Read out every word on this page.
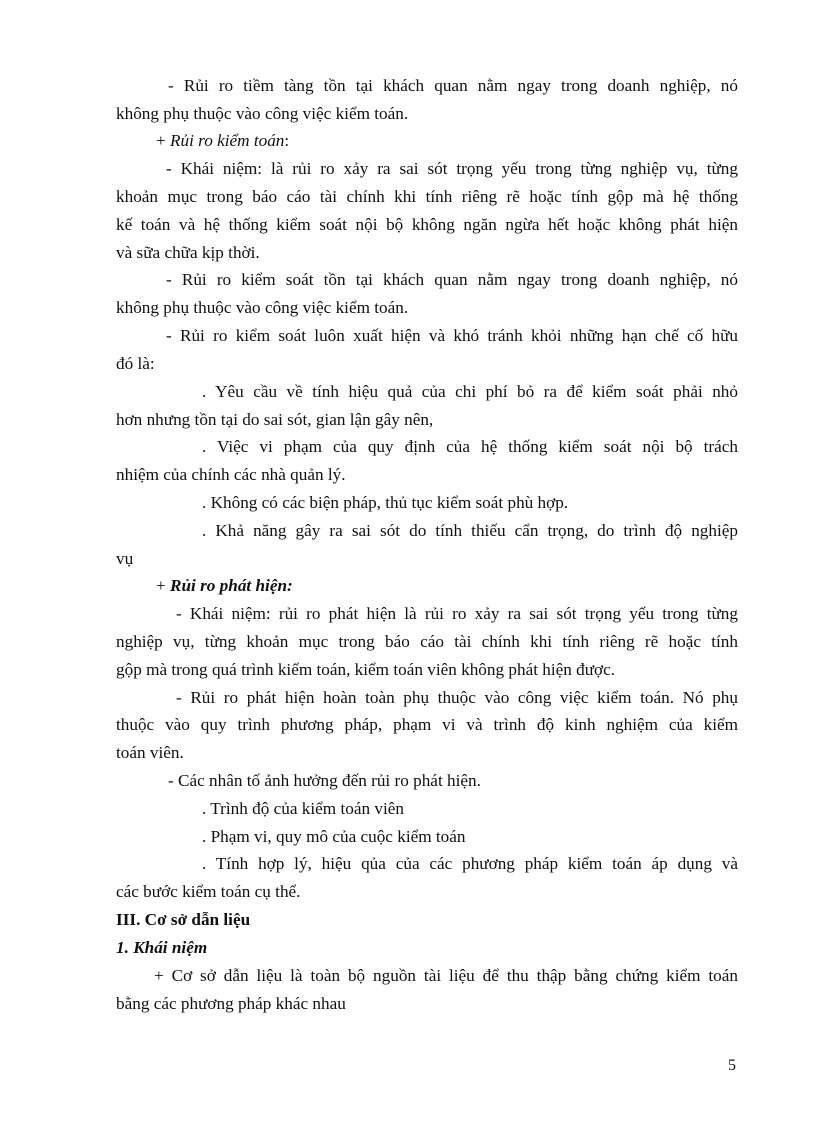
- Rủi ro tiềm tàng tồn tại khách quan nằm ngay trong doanh nghiệp, nó
không phụ thuộc vào công việc kiểm toán.
+ Rủi ro kiểm toán:
- Khái niệm: là rủi ro xảy ra sai sót trọng yếu trong từng nghiệp vụ, từng
khoản mục trong báo cáo tài chính khi tính riêng rẽ hoặc tính gộp mà hệ thống
kế toán và hệ thống kiểm soát nội bộ không ngăn ngừa hết hoặc không phát hiện
và sữa chữa kịp thời.
- Rủi ro kiểm soát tồn tại khách quan nằm ngay trong doanh nghiệp, nó
không phụ thuộc vào công việc kiểm toán.
- Rủi ro kiểm soát luôn xuất hiện và khó tránh khỏi những hạn chế cố hữu
đó là:
. Yêu cầu về tính hiệu quả của chi phí bỏ ra để kiểm soát phải nhỏ
hơn nhưng tồn tại do sai sót, gian lận gây nên,
. Việc vi phạm của quy định của hệ thống kiểm soát nội bộ trách
nhiệm của chính các nhà quản lý.
. Không có các biện pháp, thủ tục kiểm soát phù hợp.
. Khả năng gây ra sai sót do tính thiếu cẩn trọng, do trình độ nghiệp
vụ
+ Rủi ro phát hiện:
- Khái niệm: rủi ro phát hiện là rủi ro xảy ra sai sót trọng yếu trong từng
nghiệp vụ, từng khoản mục trong báo cáo tài chính khi tính riêng rẽ hoặc tính
gộp mà trong quá trình kiểm toán, kiểm toán viên không phát hiện được.
- Rủi ro phát hiện hoàn toàn phụ thuộc vào công việc kiểm toán. Nó phụ
thuộc vào quy trình phương pháp, phạm vi và trình độ kinh nghiệm của kiểm
toán viên.
- Các nhân tố ảnh hưởng đến rủi ro phát hiện.
. Trình độ của kiểm toán viên
. Phạm vi, quy mô của cuộc kiểm toán
. Tính hợp lý, hiệu qủa của các phương pháp kiểm toán áp dụng và
các bước kiểm toán cụ thể.
III. Cơ sở dẫn liệu
1. Khái niệm
+ Cơ sở dẫn liệu là toàn bộ nguồn tài liệu để thu thập bằng chứng kiểm toán
bằng các phương pháp khác nhau
5
